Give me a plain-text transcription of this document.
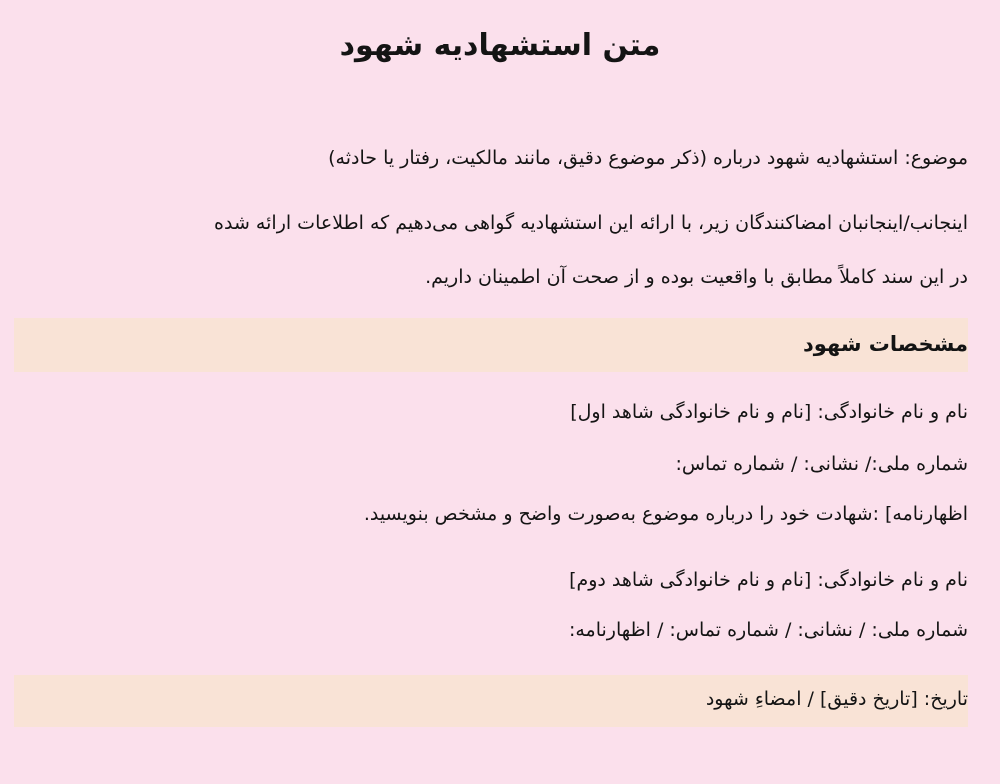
متن استشهادیه شهود

موضوع: استشهادیه شهود درباره (ذکر موضوع دقیق، مانند مالکیت، رفتار یا حادثه)

اینجانب/اینجانبان امضاکنندگان زیر، با ارائه این استشهادیه گواهی می‌دهیم که اطلاعات ارائه شده

در این سند کاملاً مطابق با واقعیت بوده و از صحت آن اطمینان داریم.

مشخصات شهود

نام و نام خانوادگی: [نام و نام خانوادگی شاهد اول]

شماره ملی:/ نشانی: / شماره تماس:

اظهارنامه] :شهادت خود را درباره موضوع به‌صورت واضح و مشخص بنویسید.

نام و نام خانوادگی: [نام و نام خانوادگی شاهد دوم]

شماره ملی: / نشانی: / شماره تماس: / اظهارنامه:

تاریخ: [تاریخ دقیق] / امضاءِ شهود
